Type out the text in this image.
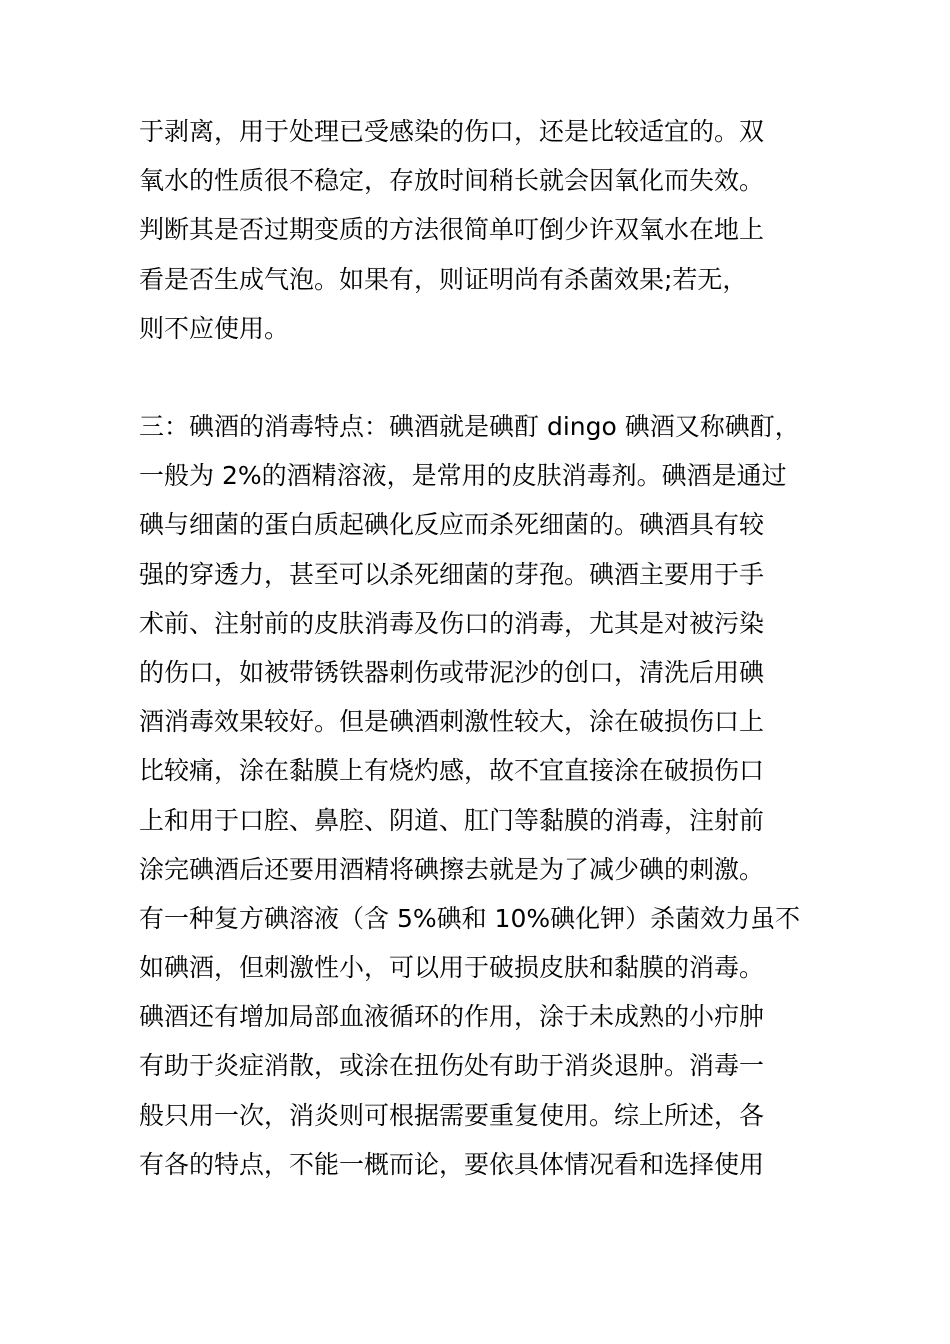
于剥离，用于处理已受感染的伤口，还是比较适宜的。双
氧水的性质很不稳定，存放时间稍长就会因氧化而失效。
判断其是否过期变质的方法很简单叮倒少许双氧水在地上
看是否生成气泡。如果有，则证明尚有杀菌效果;若无，
则不应使用。
三：碘酒的消毒特点：碘酒就是碘酊 dingo 碘酒又称碘酊，
一般为 2%的酒精溶液，是常用的皮肤消毒剂。碘酒是通过
碘与细菌的蛋白质起碘化反应而杀死细菌的。碘酒具有较
强的穿透力，甚至可以杀死细菌的芽孢。碘酒主要用于手
术前、注射前的皮肤消毒及伤口的消毒，尤其是对被污染
的伤口，如被带锈铁器刺伤或带泥沙的创口，清洗后用碘
酒消毒效果较好。但是碘酒刺激性较大，涂在破损伤口上
比较痛，涂在黏膜上有烧灼感，故不宜直接涂在破损伤口
上和用于口腔、鼻腔、阴道、肛门等黏膜的消毒，注射前
涂完碘酒后还要用酒精将碘擦去就是为了减少碘的刺激。
有一种复方碘溶液（含 5%碘和 10%碘化钾）杀菌效力虽不
如碘酒，但刺激性小，可以用于破损皮肤和黏膜的消毒。
碘酒还有增加局部血液循环的作用，涂于未成熟的小疖肿
有助于炎症消散，或涂在扭伤处有助于消炎退肿。消毒一
般只用一次，消炎则可根据需要重复使用。综上所述，各
有各的特点，不能一概而论，要依具体情况看和选择使用
